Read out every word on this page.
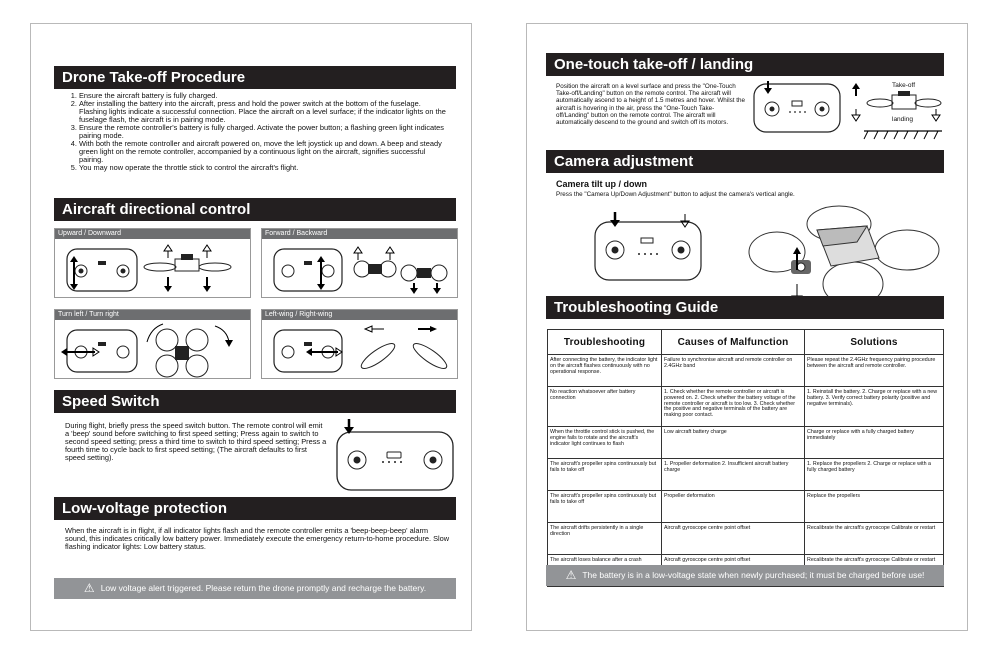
Drone Take-off Procedure
1. Ensure the aircraft battery is fully charged.
2. After installing the battery into the aircraft, press and hold the power switch at the bottom of the fuselage. Flashing lights indicate a successful connection. Place the aircraft on a level surface; if the indicator lights on the fuselage flash, the aircraft is in pairing mode.
3. Ensure the remote controller's battery is fully charged. Activate the power button; a flashing green light indicates pairing mode.
4. With both the remote controller and aircraft powered on, move the left joystick up and down. A beep and steady green light on the remote controller, accompanied by a continuous light on the aircraft, signifies successful pairing.
5. You may now operate the throttle stick to control the aircraft's flight.
Aircraft directional control
Upward / Downward	Forward / Backward
Turn left / Turn right	Left-wing / Right-wing
Speed Switch
During flight, briefly press the speed switch button. The remote control will emit a 'beep' sound before switching to first speed setting; Press again to switch to second speed setting; press a third time to switch to third speed setting; Press a fourth time to cycle back to first speed setting; (The aircraft defaults to first speed setting).
Low-voltage protection
When the aircraft is in flight, if all indicator lights flash and the remote controller emits a 'beep-beep-beep' alarm sound, this indicates critically low battery power. Immediately execute the emergency return-to-home procedure. Slow flashing indicator lights: Low battery status.
⚠ Low voltage alert triggered. Please return the drone promptly and recharge the battery.
One-touch take-off / landing
Position the aircraft on a level surface and press the "One-Touch Take-off/Landing" button on the remote control. The aircraft will automatically ascend to a height of 1.5 metres and hover. Whilst the aircraft is hovering in the air, press the "One-Touch Take-off/Landing" button on the remote control. The aircraft will automatically descend to the ground and switch off its motors.
Take-off
landing
Camera adjustment
Camera tilt up / down
Press the "Camera Up/Down Adjustment" button to adjust the camera's vertical angle.
Troubleshooting Guide
Troubleshooting	Causes of Malfunction	Solutions
After connecting the battery, the indicator light on the aircraft flashes continuously with no operational response.	Failure to synchronise aircraft and remote controller on 2.4GHz band	Please repeat the 2.4GHz frequency pairing procedure between the aircraft and remote controller.
No reaction whatsoever after battery connection	1. Check whether the remote controller or aircraft is powered on. 2. Check whether the battery voltage of the remote controller or aircraft is too low. 3. Check whether the positive and negative terminals of the battery are making poor contact.	1. Reinstall the battery. 2. Charge or replace with a new battery. 3. Verify correct battery polarity (positive and negative terminals).
When the throttle control stick is pushed, the engine fails to rotate and the aircraft's indicator light continues to flash	Low aircraft battery charge	Charge or replace with a fully charged battery immediately
The aircraft's propeller spins continuously but fails to take off	1. Propeller deformation 2. Insufficient aircraft battery charge	1. Replace the propellers 2. Charge or replace with a fully charged battery
The aircraft's propeller spins continuously but fails to take off	Propeller deformation	Replace the propellers
The aircraft drifts persistently in a single direction	Aircraft gyroscope centre point offset	Recalibrate the aircraft's gyroscope Calibrate or restart
The aircraft loses balance after a crash	Aircraft gyroscope centre point offset	Recalibrate the aircraft's gyroscope Calibrate or restart
⚠ The battery is in a low-voltage state when newly purchased; it must be charged before use!
